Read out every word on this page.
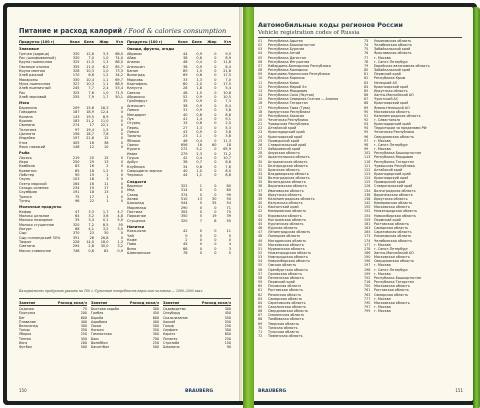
Питание и расход калорий / Food & calories consumption
Продукты (100 г)	Ккал Белк Жир	Угл
Злаковые
Гречка (ядрица)	330	12,6	3,3	68,0
Рис (шлифованный)	330	7,0	1,0	74,0
Крупа пшеничная	325	11,5	1,3	68,5
Овсяные хлопья	355	11,0	6,2	65,7
Крупа манная	328	10,3	1,0	73,3
Хлеб ржаной	170	6,6	1,2	34,2
Макароны	330	10,4	1,1	69,7
Мука пшеничная	327	10,3	1,1	68,9
Хлеб пшеничный	245	7,7	2,4	53,4
Рис	325	7,6	1,0	71,5
Хлеб зерновой	255	7,9	1,7	50,1
Мясо
Баранина	209	15,6	16,3	0
Говядина	187	18,9	12,4	0
Конина	143	19,5	6,9	0
Кролик	183	21,2	11,0	0
Свинина	274	17	22,1	0
Телятина	97	19,4	1,5	0
Цыплята	156	18,7	7,8	0
Индейка	197	21,6	12	0
Утка	405	16	38	0
Язык говяжий	146	12	10	0
Рыба
Лосось	219	20	15	0
Икра	250	29	13	0
Камбала	83	16	2	0
Креветки	85	18	1,2	0
Лобстер	90	19	1	0
Окунь	103	18	3	0
Осетр морской	164	16	11	0
Сельдь соленая	234	19	17	0
Скумбрия	191	18	13	0
Треска	75	17	1	0
Тунец	96	22	1	0
Молочные продукты
Кефир	47	3,3	1,7	4,7
Молоко цельное	64	3,2	3,6	4,8
Молоко нежирное	35	3,4	0,1	5,0
Молоко сгущенное	320	7,2	8,5	55
Йогурт	68	4,1	3,2	3,5
Сыр	370	23	30	0
Сыр голландский 30%	351	26	26,8	0
Творог	226	14,0	18,0	1,3
Сметана	294	2,8	30,0	3,2
Масло сливочное	748	0,6	82	0,9
Продукты (100 г)	Ккал Белк Жир	Угл
Овощи, фрукты, ягоды
Абрикос	44	0,9	0	9,5
Айва	38	0,6	0	8,9
Ананас	48	0,4	0	11,8
Апельсин	38	0,9	0	8,4
Банан	89	1,5	0	21,8
Виноград	69	0,6	0	17,5
Морковь	33	1,3	0	7,0
Картофель	80	2,0	0	17,5
Капуста	28	1,8	0	5,4
Свекла	48	1,5	0	10,8
Абрикосы	52	0,9	0	10,5
Грейпфрут	35	0,9	0	7,3
Апельсин	38	0,9	0	8,4
Лимон	31	0,9	0	3,6
Мандарин	40	0,8	0	8,6
Лук	41	1,4	0	9,1
Огурец	15	0,8	0	2,5
Перец	27	1,3	0	5,3
Лимон	43	0,9	0	3,6
Томаты	23	1,1	0	3,8
Яблоки	46	0,4	0	11,3
Орехи	656	16	60	18
Курага	272	5,2	0	65,9
Изюм	279	2,3	0	71,2
Груша	42	0,4	0	10,7
Арбуз	38	0,7	0	8,8
Клубника	34	0,8	0	7,6
Смородина черная	40	1,0	0	8,0
Черника	44	1,1	0	8,6
Сладости
Варенье	322	1	0	80
Мед	314	0	0	80
Сахар	374	0	0	99
Халва	510	13	30	50
Шоколад	544	5	35	54
Мармелад	290	0	0	71
Пастила	305	0	0	75
Пирожное	350	5	19	39
Сгущенка	320	7	8	55
Напитки
Кока-кола	42	0	0	11
Чай	0	0	0	0
Кофе	2	0	0	0
Пиво	45	0	0	4
Вино	66	0	0	3
Шампанское	78	0	0	5
Калорийность продуктов указана на 100 г. Суточная потребность взрослого человека — 2000–2500 ккал.
Занятие	Расход ккал/ч
Сидячая	75
Прогулка	200
Бег	600
Плавание	400
Велосипед	300
Танцы	350
Уборка	250
Теннис	450
Йога	200
Футбол	500
Занятие	Расход ккал/ч
Быстрая ходьба	300
Гребля	450
Борьба	600
Аэробика	400
Лыжи	500
Коньки	350
Гимнастика	300
Бокс	700
Волейбол	250
Баскетбол	500
Занятие	Расход ккал/ч
Садоводство	300
Сноуборд	450
Скалолазание	550
Хоккей	550
Гольф	250
Серфинг	300
Каратэ	650
Пилатес	250
Стрельба	150
Шахматы	90
BRAUBERG
150
Автомобильные коды регионов России
Vehicle registration codes of Russia
01	Республика Адыгея
02	Республика Башкортостан
03	Республика Бурятия
04	Республика Алтай
05	Республика Дагестан
06	Республика Ингушетия
07	Кабардино-Балкарская Республика
08	Республика Калмыкия
09	Карачаево-Черкесская Республика
10	Республика Карелия
11	Республика Коми
12	Республика Марий Эл
13	Республика Мордовия
14	Республика Саха (Якутия)
15	Республика Северная Осетия — Алания
16	Республика Татарстан
17	Республика Тыва (Тува)
18	Удмуртская Республика
19	Республика Хакасия
20	Чеченская Республика
21	Чувашская Республика
22	Алтайский край
23	Краснодарский край
24	Красноярский край
25	Приморский край
26	Ставропольский край
27	Хабаровский край
28	Амурская область
29	Архангельская область
30	Астраханская область
31	Белгородская область
32	Брянская область
33	Владимирская область
34	Волгоградская область
35	Вологодская область
36	Воронежская область
37	Ивановская область
38	Иркутская область
39	Калининградская область
40	Калужская область
41	Камчатский край
42	Кемеровская область
43	Кировская область
44	Костромская область
45	Курганская область
46	Курская область
47	Ленинградская область
48	Липецкая область
49	Магаданская область
50	Московская область
51	Мурманская область
52	Нижегородская область
53	Новгородская область
54	Новосибирская область
55	Омская область
56	Оренбургская область
57	Орловская область
58	Пензенская область
59	Пермский край
60	Псковская область
61	Ростовская область
62	Рязанская область
63	Самарская область
64	Саратовская область
65	Сахалинская область
66	Свердловская область
67	Смоленская область
68	Тамбовская область
69	Тверская область
70	Томская область
71	Тульская область
72	Тюменская область
73	Ульяновская область
74	Челябинская область
75	Забайкальский край
76	Ярославская область
77	г. Москва
78	г. Санкт-Петербург
79	Еврейская автономная область
80	Забайкальский край
81	Пермский край
82	Республика Крым
83	Ненецкий АО
84	Красноярский край
85	Иркутская область
86	Ханты-Мансийский АО
87	Чукотский АО
88	Красноярский край
89	Ямало-Ненецкий АО
90	Московская область
91	Калининградская область
92	г. Севастополь
93	Краснодарский край
94	Территории за пределами РФ
95	Чеченская Республика
96	Свердловская область
97	г. Москва
98	г. Санкт-Петербург
99	г. Москва
102	Республика Башкортостан
113	Республика Мордовия
116	Республика Татарстан
121	Чувашская Республика
122	Алтайский край
123	Краснодарский край
124	Красноярский край
125	Приморский край
126	Ставропольский край
134	Волгоградская область
136	Воронежская область
138	Иркутская область
142	Кемеровская область
150	Московская область
152	Нижегородская область
154	Новосибирская область
159	Пермский край
161	Ростовская область
163	Самарская область
164	Саратовская область
173	Ульяновская область
174	Челябинская область
177	г. Москва
178	г. Санкт-Петербург
186	Ханты-Мансийский АО
190	Московская область
196	Свердловская область
197	г. Москва
198	г. Санкт-Петербург
199	г. Москва
702	Республика Башкортостан
716	Республика Татарстан
750	Московская область
761	Ростовская область
763	Самарская область
777	г. Москва
790	Московская область
797	г. Москва
799	г. Москва
BRAUBERG	151
